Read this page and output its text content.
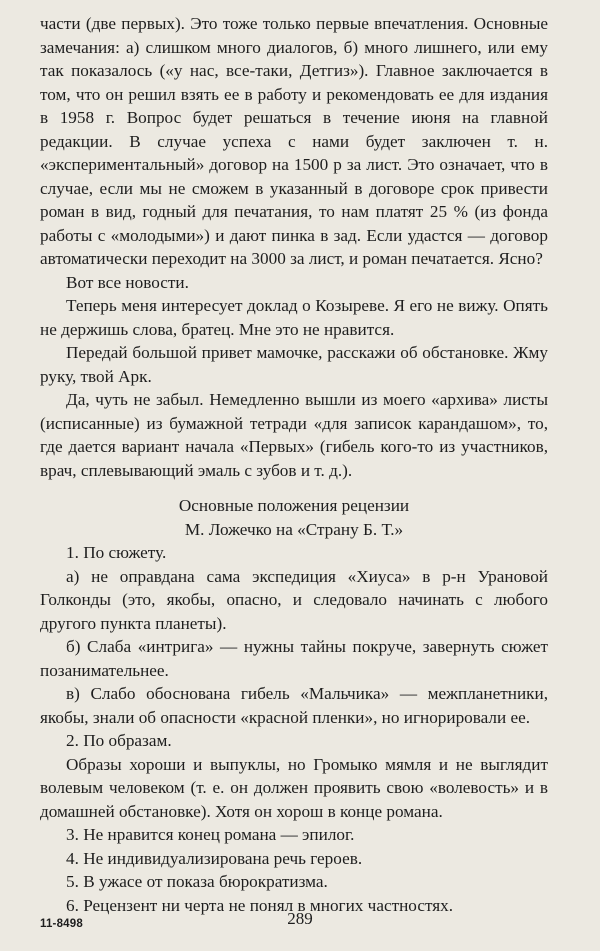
части (две первых). Это тоже только первые впечатления. Основные замечания: а) слишком много диалогов, б) много лишнего, или ему так показалось («у нас, все-таки, Детгиз»). Главное заключается в том, что он решил взять ее в работу и рекомендовать ее для издания в 1958 г. Вопрос будет решаться в течение июня на главной редакции. В случае успеха с нами будет заключен т. н. «экспериментальный» договор на 1500 р за лист. Это означает, что в случае, если мы не сможем в указанный в договоре срок привести роман в вид, годный для печатания, то нам платят 25 % (из фонда работы с «молодыми») и дают пинка в зад. Если удастся — договор автоматически переходит на 3000 за лист, и роман печатается. Ясно?

Вот все новости.

Теперь меня интересует доклад о Козыреве. Я его не вижу. Опять не держишь слова, братец. Мне это не нравится.

Передай большой привет мамочке, расскажи об обстановке. Жму руку, твой Арк.

Да, чуть не забыл. Немедленно вышли из моего «архива» листы (исписанные) из бумажной тетради «для записок карандашом», то, где дается вариант начала «Первых» (гибель кого-то из участников, врач, сплевывающий эмаль с зубов и т. д.).

Основные положения рецензии

М. Ложечко на «Страну Б. Т.»

1. По сюжету.

а) не оправдана сама экспедиция «Хиуса» в р-н Урановой Голконды (это, якобы, опасно, и следовало начинать с любого другого пункта планеты).

б) Слаба «интрига» — нужны тайны покруче, завернуть сюжет позанимательнее.

в) Слабо обоснована гибель «Мальчика» — межпланетники, якобы, знали об опасности «красной пленки», но игнорировали ее.

2. По образам.

Образы хороши и выпуклы, но Громыко мямля и не выглядит волевым человеком (т. е. он должен проявить свою «волевость» и в домашней обстановке). Хотя он хорош в конце романа.

3. Не нравится конец романа — эпилог.

4. Не индивидуализирована речь героев.

5. В ужасе от показа бюрократизма.

6. Рецензент ни черта не понял в многих частностях.

11-8498	289
